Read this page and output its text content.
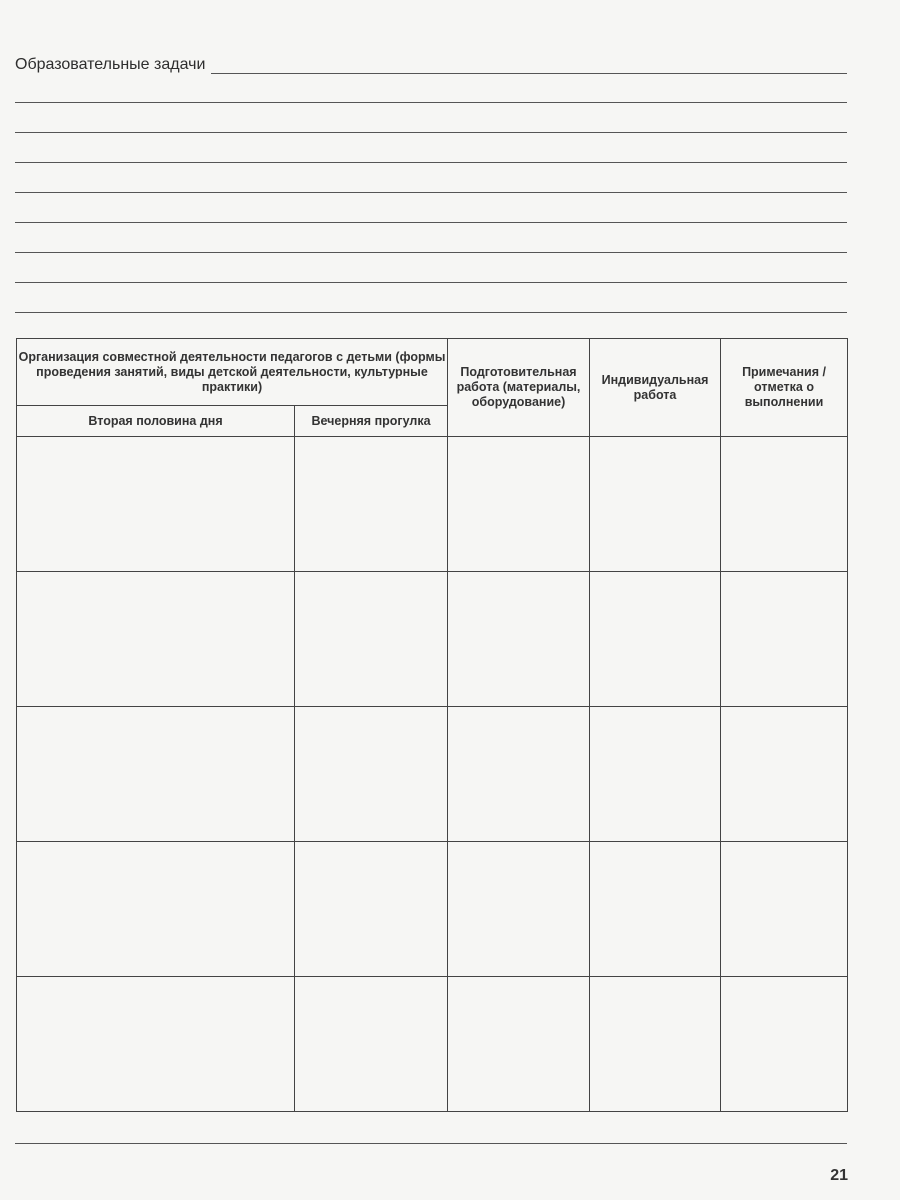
Образовательные задачи
Организация совместной деятельности педагогов с детьми (формы проведения занятий, виды детской деятельности, культурные практики)		Подготовительная работа (материалы, оборудование)	Индивидуальная работа	Примечания / отметка о выполнении
Вторая половина дня	Вечерняя прогулка			

21
